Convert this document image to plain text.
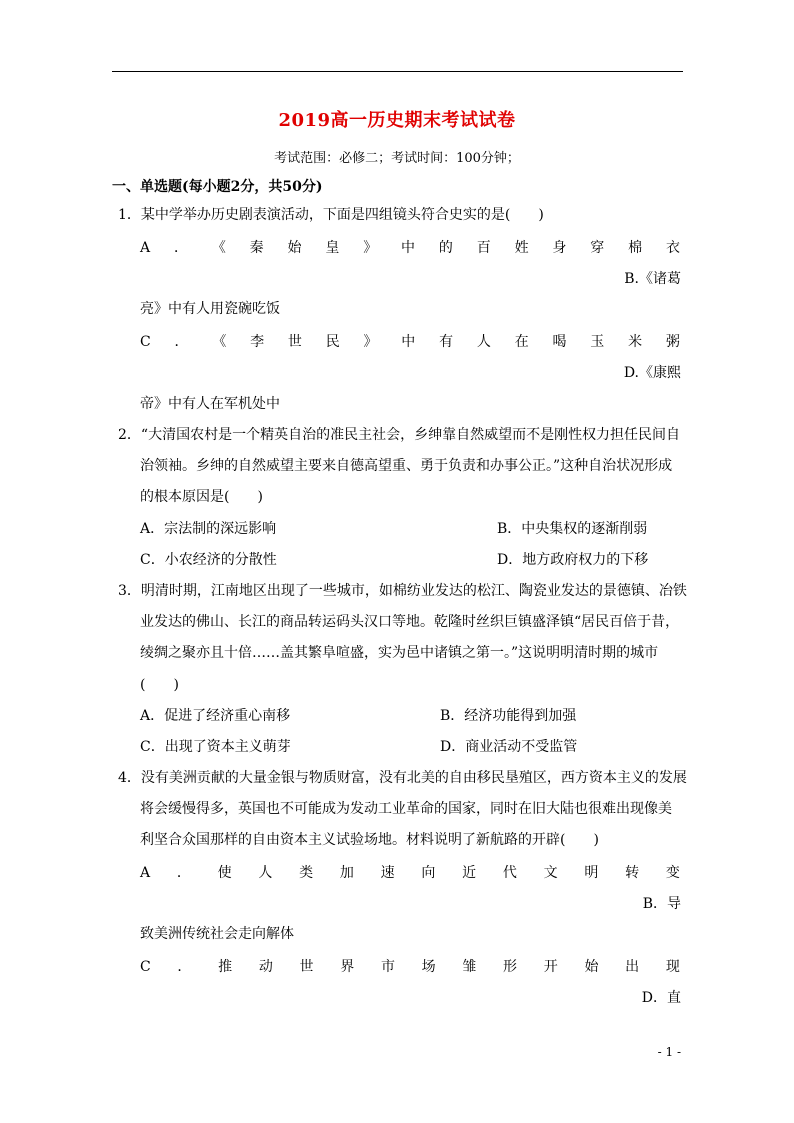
2019高一历史期末考试试卷
考试范围：必修二；考试时间：100分钟；
一、单选题(每小题2分，共50分)
1．某中学举办历史剧表演活动，下面是四组镜头符合史实的是(　　)
A ． 《 秦 始 皇 》 中 的 百 姓 身 穿 棉 衣
B.《诸葛
亮》中有人用瓷碗吃饭
C ． 《 李 世 民 》 中 有 人 在 喝 玉 米 粥
D.《康熙
帝》中有人在军机处中
2．“大清国农村是一个精英自治的准民主社会，乡绅靠自然威望而不是刚性权力担任民间自
治领袖。乡绅的自然威望主要来自德高望重、勇于负责和办事公正。”这种自治状况形成
的根本原因是(　　)
A．宗法制的深远影响	B．中央集权的逐渐削弱
C．小农经济的分散性	D．地方政府权力的下移
3．明清时期，江南地区出现了一些城市，如棉纺业发达的松江、陶瓷业发达的景德镇、冶铁
业发达的佛山、长江的商品转运码头汉口等地。乾隆时丝织巨镇盛泽镇“居民百倍于昔，
绫绸之聚亦且十倍……盖其繁阜喧盛，实为邑中诸镇之第一。”这说明明清时期的城市
(　　)
A．促进了经济重心南移	B．经济功能得到加强
C．出现了资本主义萌芽	D．商业活动不受监管
4．没有美洲贡献的大量金银与物质财富，没有北美的自由移民垦殖区，西方资本主义的发展
将会缓慢得多，英国也不可能成为发动工业革命的国家，同时在旧大陆也很难出现像美
利坚合众国那样的自由资本主义试验场地。材料说明了新航路的开辟(　　)
A ． 使 人 类 加 速 向 近 代 文 明 转 变
B．导
致美洲传统社会走向解体
C ． 推 动 世 界 市 场 雏 形 开 始 出 现
D．直
- 1 -
